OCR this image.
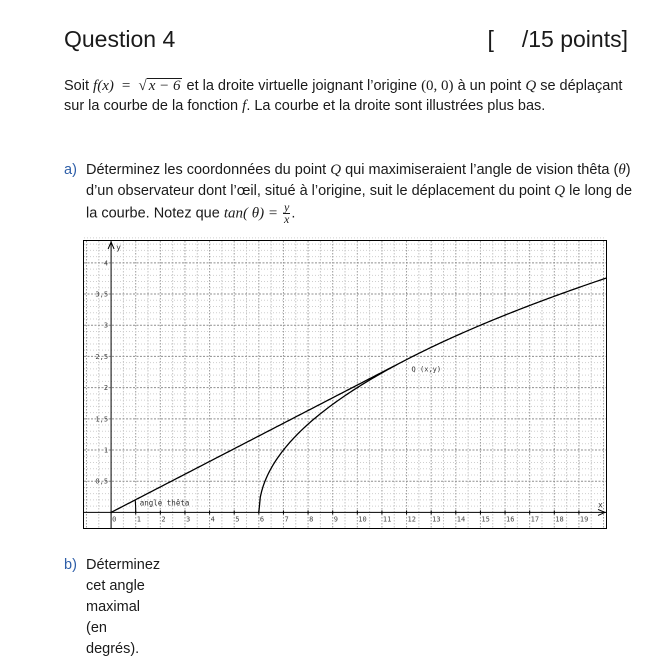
Question 4	[ /15 points]
Soit f(x) = √ x − 6 et la droite virtuelle joignant l’origine (0, 0) à un point Q se déplaçant sur la courbe de la fonction f. La courbe et la droite sont illustrées plus bas.
a) Déterminez les coordonnées du point Q qui maximiseraient l’angle de vision thêta (θ) d’un observateur dont l’œil, situé à l’origine, suit le déplacement du point Q le long de la courbe. Notez que tan( $\theta) = \frac{y}{x}$ .
x
y
0	1	2	3	4	5	6	7	8	9	10 11 12 13 14 15 16 17 18 19
0,5
1
1,5
2
2,5
3
3,5
4
angle thêta
Q (x,y)
b) Déterminez cet angle maximal (en degrés).
